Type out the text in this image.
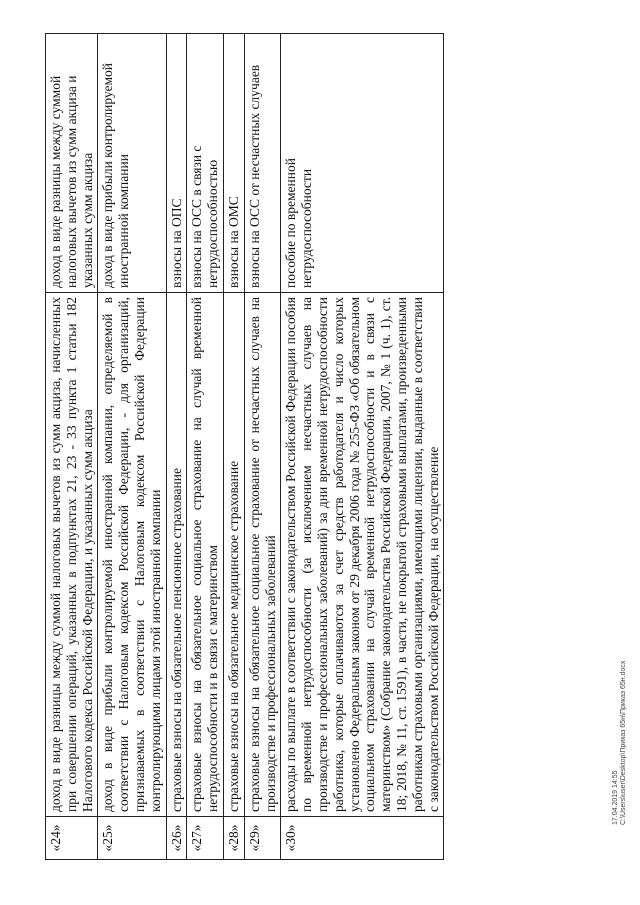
«24»	доход в виде разницы между суммой налоговых вычетов из сумм акциза, начисленных при совершении операций, указанных в подпунктах 21, 23 - 33 пункта 1 статьи 182 Налогового кодекса Российской Федерации, и указанных сумм акциза	доход в виде разницы между суммой налоговых вычетов из сумм акциза и указанных сумм акциза
«25»	доход в виде прибыли контролируемой иностранной компании, определяемой в соответствии с Налоговым кодексом Российской Федерации, - для организаций, признаваемых в соответствии с Налоговым кодексом Российской Федерации контролирующими лицами этой иностранной компании	доход в виде прибыли контролируемой иностранной компании
«26»	страховые взносы на обязательное пенсионное страхование	взносы на ОПС
«27»	страховые взносы на обязательное социальное страхование на случай временной нетрудоспособности и в связи с материнством	взносы на ОСС в связи с нетрудоспособностью
«28»	страховые взносы на обязательное медицинское страхование	взносы на ОМС
«29»	страховые взносы на обязательное социальное страхование от несчастных случаев на производстве и профессиональных заболеваний	взносы на ОСС от несчастных случаев
«30»	расходы по выплате в соответствии с законодательством Российской Федерации пособия по временной нетрудоспособности (за исключением несчастных случаев на производстве и профессиональных заболеваний) за дни временной нетрудоспособности работника, которые оплачиваются за счет средств работодателя и число которых установлено Федеральным законом от 29 декабря 2006 года № 255-ФЗ «Об обязательном социальном страховании на случай временной нетрудоспособности и в связи с материнством» (Собрание законодательства Российской Федерации, 2007, № 1 (ч. 1), ст. 18; 2018, № 11, ст. 1591), в части, не покрытой страховыми выплатами, произведенными работникам страховыми организациями, имеющими лицензии, выданные в соответствии с законодательством Российской Федерации, на осуществление	пособие по временной нетрудоспособности
17.04.2019 14:55 C:\Users\user\Desktop\Приказ 65н\Приказ 65н.docx
